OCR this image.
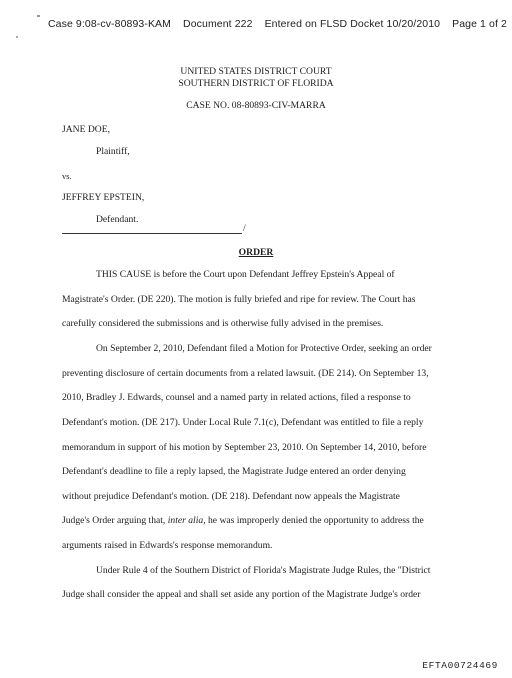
Case 9:08-cv-80893-KAM Document 222 Entered on FLSD Docket 10/20/2010 Page 1 of 2
UNITED STATES DISTRICT COURT
SOUTHERN DISTRICT OF FLORIDA
CASE NO. 08-80893-CIV-MARRA
JANE DOE,
Plaintiff,
vs.
JEFFREY EPSTEIN,
Defendant.
/
ORDER
THIS CAUSE is before the Court upon Defendant Jeffrey Epstein's Appeal of
Magistrate's Order. (DE 220). The motion is fully briefed and ripe for review. The Court has
carefully considered the submissions and is otherwise fully advised in the premises.
On September 2, 2010, Defendant filed a Motion for Protective Order, seeking an order
preventing disclosure of certain documents from a related lawsuit. (DE 214). On September 13,
2010, Bradley J. Edwards, counsel and a named party in related actions, filed a response to
Defendant's motion. (DE 217). Under Local Rule 7.1(c), Defendant was entitled to file a reply
memorandum in support of his motion by September 23, 2010. On September 14, 2010, before
Defendant's deadline to file a reply lapsed, the Magistrate Judge entered an order denying
without prejudice Defendant's motion. (DE 218). Defendant now appeals the Magistrate
Judge's Order arguing that, inter alia, he was improperly denied the opportunity to address the
arguments raised in Edwards's response memorandum.
Under Rule 4 of the Southern District of Florida's Magistrate Judge Rules, the "District
Judge shall consider the appeal and shall set aside any portion of the Magistrate Judge's order
EFTA00724469
